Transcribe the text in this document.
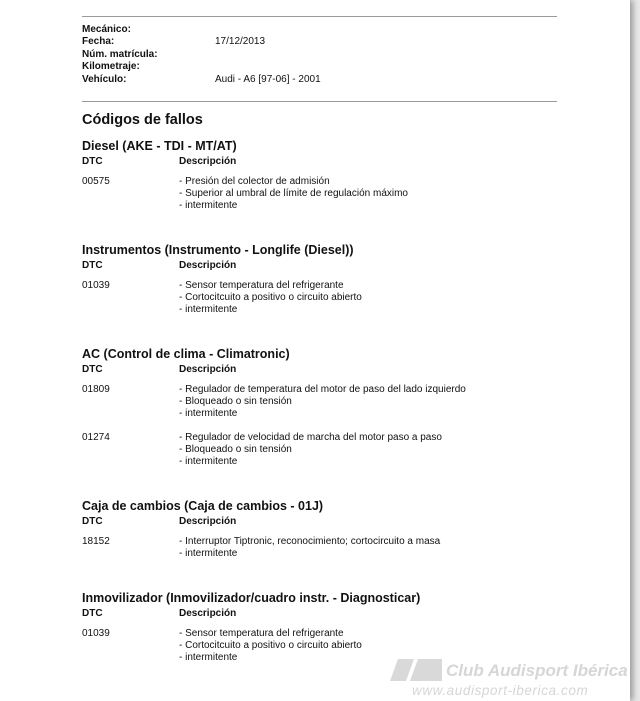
Mecánico:
Fecha:	17/12/2013
Núm. matrícula:
Kilometraje:
Vehículo:	Audi - A6 [97-06] - 2001
Códigos de fallos
Diesel (AKE - TDI - MT/AT)
DTC	Descripción
00575	- Presión del colector de admisión
- Superior al umbral de límite de regulación máximo
- intermitente
Instrumentos (Instrumento - Longlife (Diesel))
DTC	Descripción
01039	- Sensor temperatura del refrigerante
- Cortocitcuito a positivo o circuito abierto
- intermitente
AC (Control de clima - Climatronic)
DTC	Descripción
01809	- Regulador de temperatura del motor de paso del lado izquierdo
- Bloqueado o sin tensión
- intermitente
01274	- Regulador de velocidad de marcha del motor paso a paso
- Bloqueado o sin tensión
- intermitente
Caja de cambios (Caja de cambios - 01J)
DTC	Descripción
18152	- Interruptor Tiptronic, reconocimiento; cortocircuito a masa
- intermitente
Inmovilizador (Inmovilizador/cuadro instr. - Diagnosticar)
DTC	Descripción
01039	- Sensor temperatura del refrigerante
- Cortocitcuito a positivo o circuito abierto
- intermitente
Club Audisport Ibérica
www.audisport-iberica.com
